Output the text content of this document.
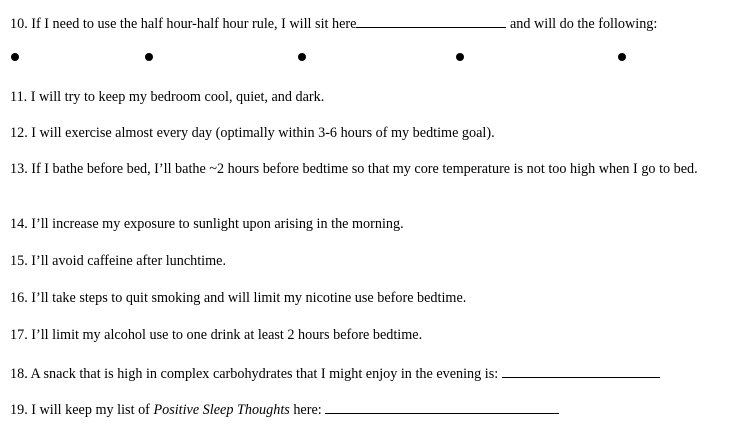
10. If I need to use the half hour-half hour rule, I will sit here	and will do the following:
11. I will try to keep my bedroom cool, quiet, and dark.
12. I will exercise almost every day (optimally within 3-6 hours of my bedtime goal).
13. If I bathe before bed, I’ll bathe ~2 hours before bedtime so that my core temperature is not too high when I go to bed.
14. I’ll increase my exposure to sunlight upon arising in the morning.
15. I’ll avoid caffeine after lunchtime.
16. I’ll take steps to quit smoking and will limit my nicotine use before bedtime.
17. I’ll limit my alcohol use to one drink at least 2 hours before bedtime.
18. A snack that is high in complex carbohydrates that I might enjoy in the evening is:
19. I will keep my list of Positive Sleep Thoughts here:
